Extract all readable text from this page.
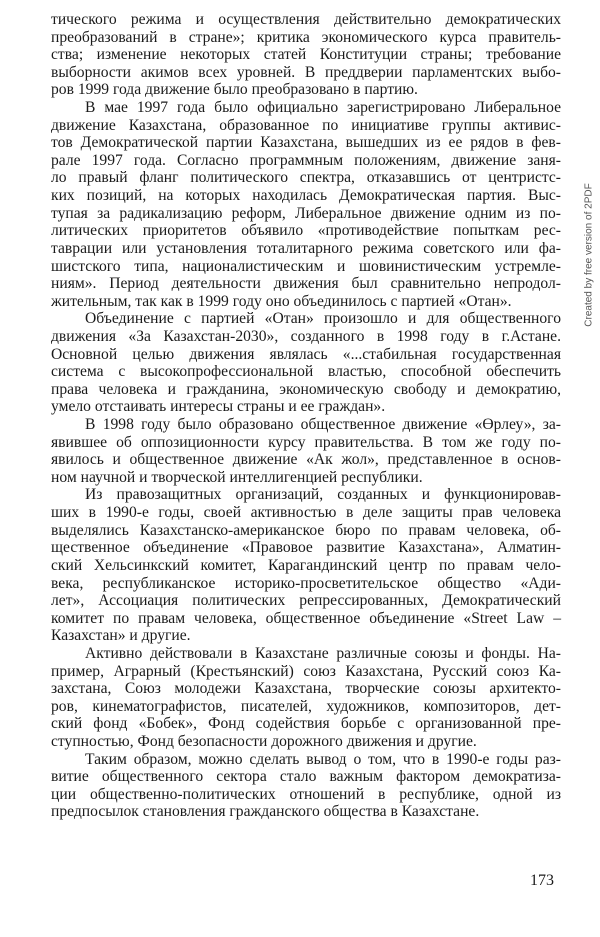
тического режима и осуществления действительно демократических
преобразований в стране»; критика экономического курса правитель-
ства; изменение некоторых статей Конституции страны; требование
выборности акимов всех уровней. В преддверии парламентских выбо-
ров 1999 года движение было преобразовано в партию.
В мае 1997 года было официально зарегистрировано Либеральное
движение Казахстана, образованное по инициативе группы активис-
тов Демократической партии Казахстана, вышедших из ее рядов в фев-
рале 1997 года. Согласно программным положениям, движение заня-
ло правый фланг политического спектра, отказавшись от центристс-
ких позиций, на которых находилась Демократическая партия. Выс-
тупая за радикализацию реформ, Либеральное движение одним из по-
литических приоритетов объявило «противодействие попыткам рес-
таврации или установления тоталитарного режима советского или фа-
шистского типа, националистическим и шовинистическим устремле-
ниям». Период деятельности движения был сравнительно непродол-
жительным, так как в 1999 году оно объединилось с партией «Отан».
Объединение с партией «Отан» произошло и для общественного
движения «За Казахстан-2030», созданного в 1998 году в г.Астане.
Основной целью движения являлась «...стабильная государственная
система с высокопрофессиональной властью, способной обеспечить
права человека и гражданина, экономическую свободу и демократию,
умело отстаивать интересы страны и ее граждан».
В 1998 году было образовано общественное движение «Өрлеу», за-
явившее об оппозиционности курсу правительства. В том же году по-
явилось и общественное движение «Ак жол», представленное в основ-
ном научной и творческой интеллигенцией республики.
Из правозащитных организаций, созданных и функционировав-
ших в 1990-е годы, своей активностью в деле защиты прав человека
выделялись Казахстанско-американское бюро по правам человека, об-
щественное объединение «Правовое развитие Казахстана», Алматин-
ский Хельсинкский комитет, Карагандинский центр по правам чело-
века, республиканское историко-просветительское общество «Ади-
лет», Ассоциация политических репрессированных, Демократический
комитет по правам человека, общественное объединение «Street Law –
Казахстан» и другие.
Активно действовали в Казахстане различные союзы и фонды. На-
пример, Аграрный (Крестьянский) союз Казахстана, Русский союз Ка-
захстана, Союз молодежи Казахстана, творческие союзы архитекто-
ров, кинематографистов, писателей, художников, композиторов, дет-
ский фонд «Бобек», Фонд содействия борьбе с организованной пре-
ступностью, Фонд безопасности дорожного движения и другие.
Таким образом, можно сделать вывод о том, что в 1990-е годы раз-
витие общественного сектора стало важным фактором демократиза-
ции общественно-политических отношений в республике, одной из
предпосылок становления гражданского общества в Казахстане.
173
Created by free version of 2PDF
